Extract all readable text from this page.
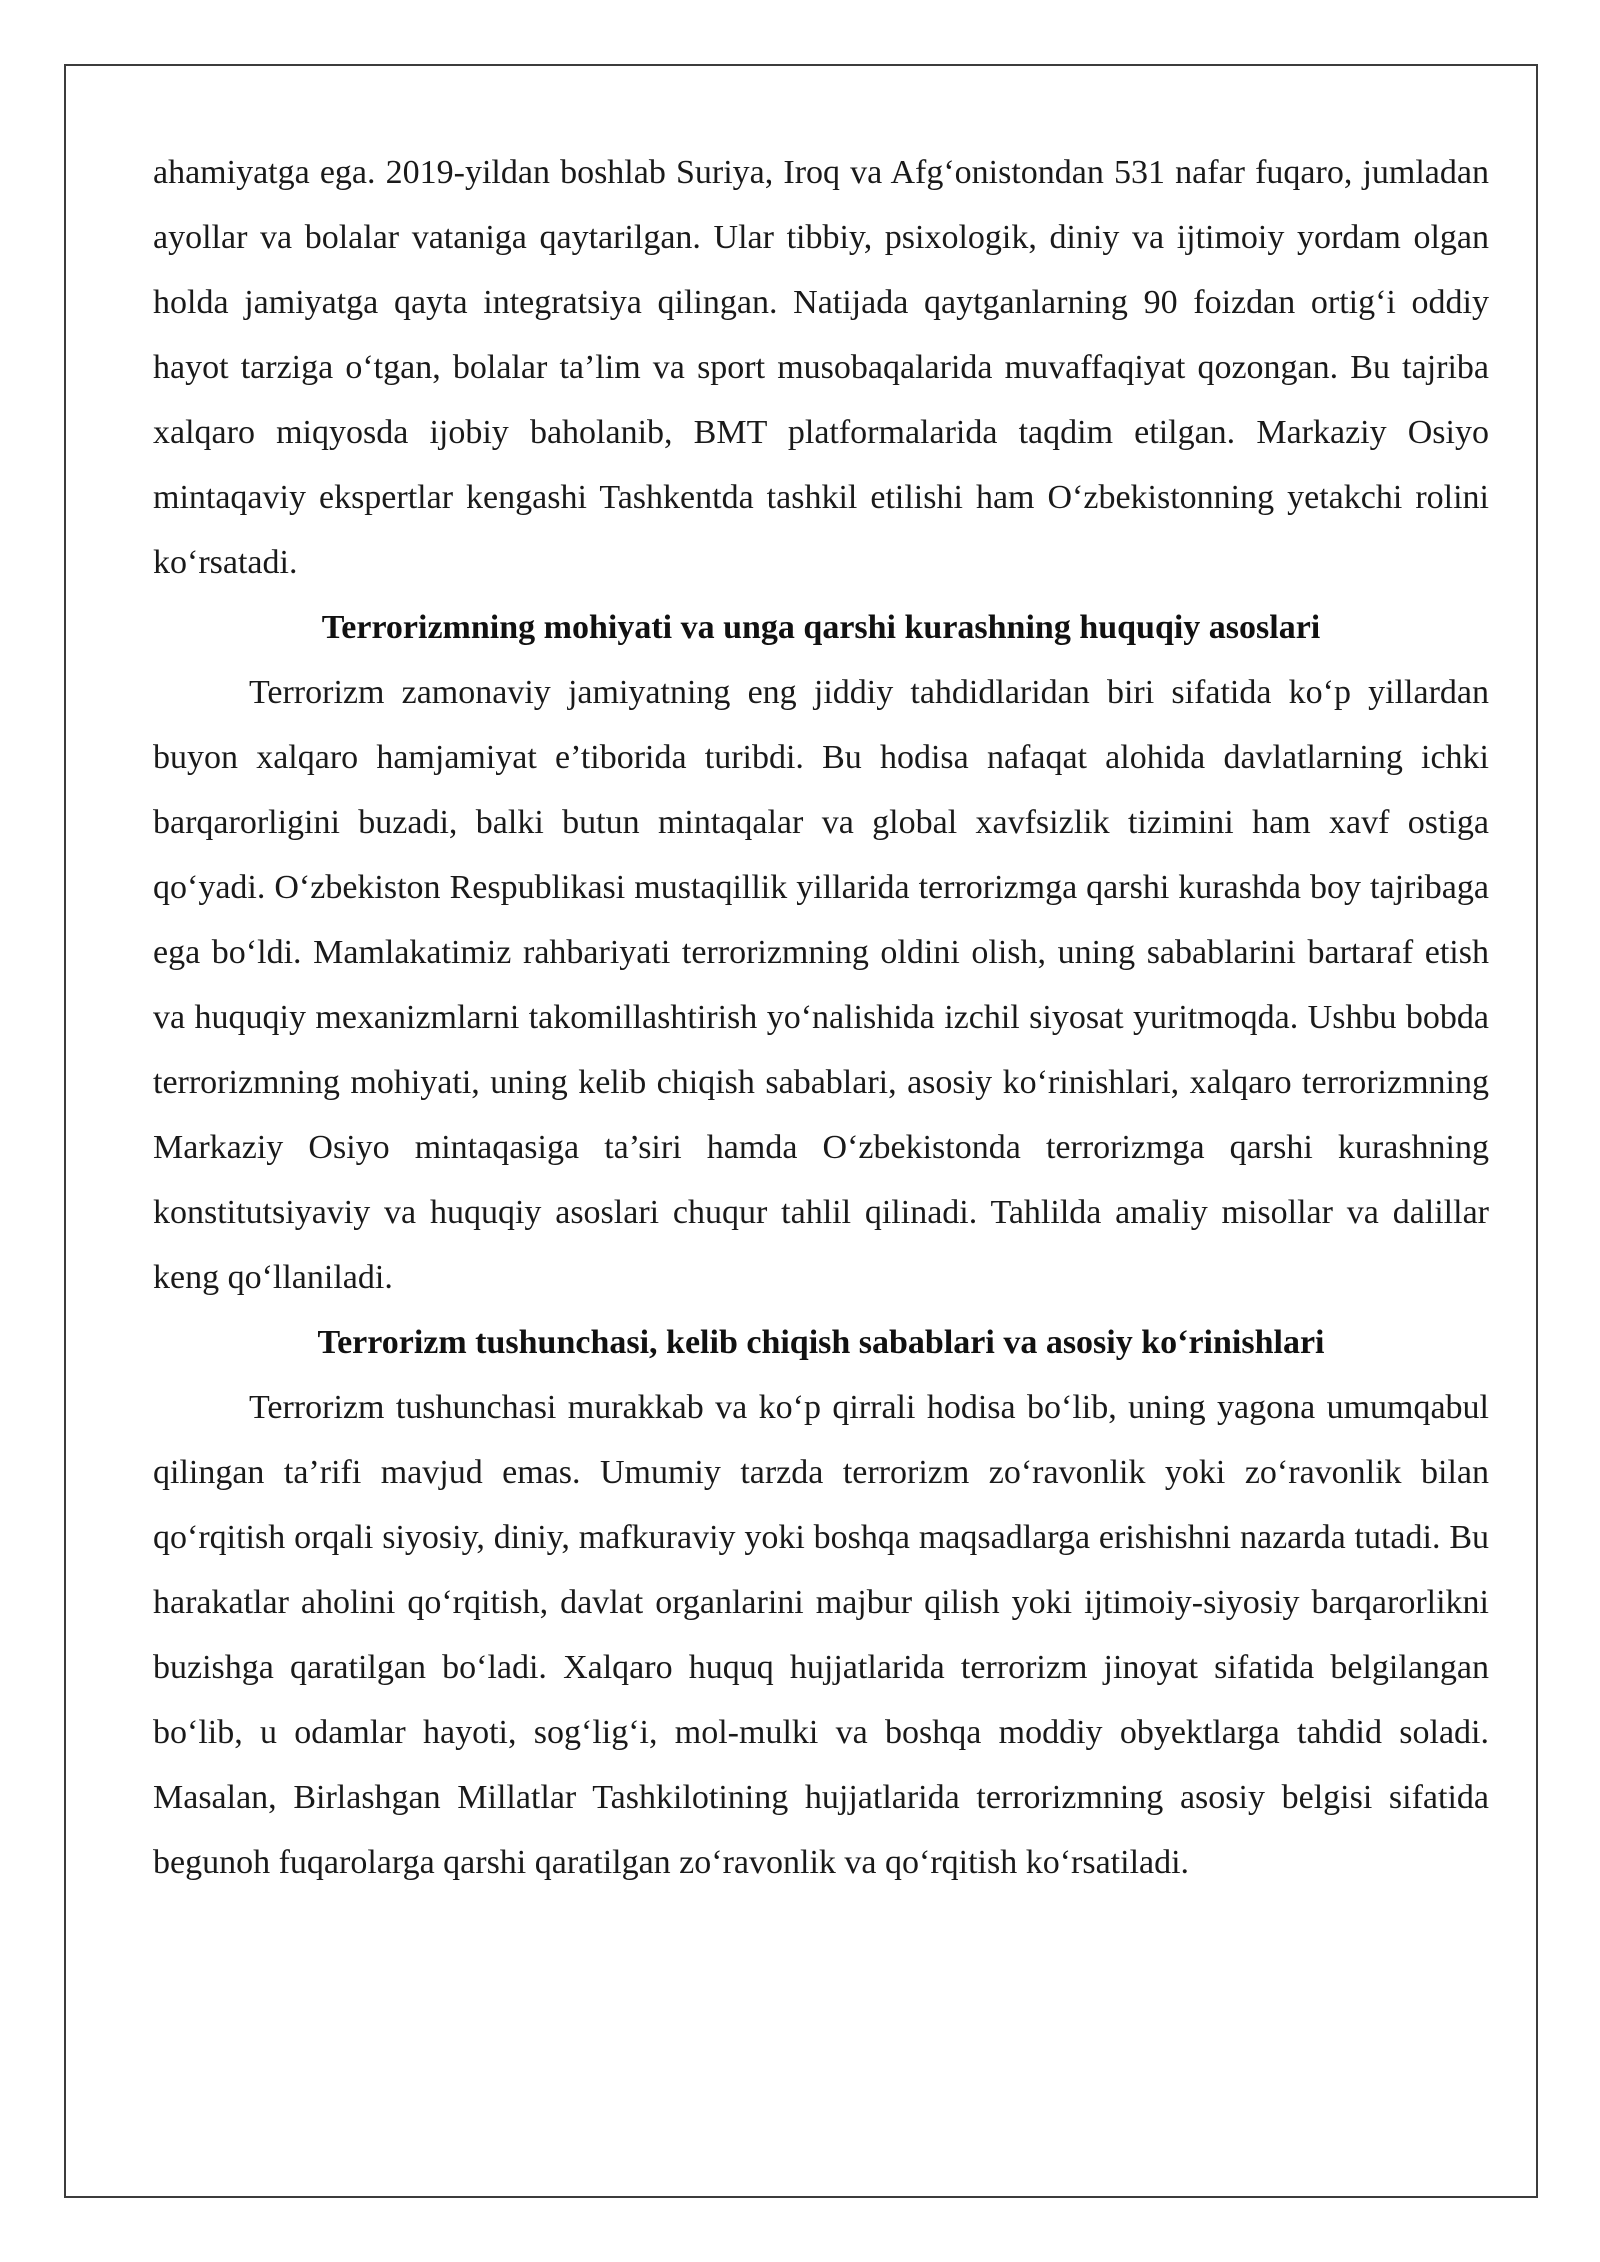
ahamiyatga ega. 2019-yildan boshlab Suriya, Iroq va Afg‘onistondan 531 nafar fuqaro, jumladan ayollar va bolalar vataniga qaytarilgan. Ular tibbiy, psixologik, diniy va ijtimoiy yordam olgan holda jamiyatga qayta integratsiya qilingan. Natijada qaytganlarning 90 foizdan ortig‘i oddiy hayot tarziga o‘tgan, bolalar ta’lim va sport musobaqalarida muvaffaqiyat qozongan. Bu tajriba xalqaro miqyosda ijobiy baholanib, BMT platformalarida taqdim etilgan. Markaziy Osiyo mintaqaviy ekspertlar kengashi Tashkentda tashkil etilishi ham O‘zbekistonning yetakchi rolini ko‘rsatadi.

Terrorizmning mohiyati va unga qarshi kurashning huquqiy asoslari

Terrorizm zamonaviy jamiyatning eng jiddiy tahdidlaridan biri sifatida ko‘p yillardan buyon xalqaro hamjamiyat e’tiborida turibdi. Bu hodisa nafaqat alohida davlatlarning ichki barqarorligini buzadi, balki butun mintaqalar va global xavfsizlik tizimini ham xavf ostiga qo‘yadi. O‘zbekiston Respublikasi mustaqillik yillarida terrorizmga qarshi kurashda boy tajribaga ega bo‘ldi. Mamlakatimiz rahbariyati terrorizmning oldini olish, uning sabablarini bartaraf etish va huquqiy mexanizmlarni takomillashtirish yo‘nalishida izchil siyosat yuritmoqda. Ushbu bobda terrorizmning mohiyati, uning kelib chiqish sabablari, asosiy ko‘rinishlari, xalqaro terrorizmning Markaziy Osiyo mintaqasiga ta’siri hamda O‘zbekistonda terrorizmga qarshi kurashning konstitutsiyaviy va huquqiy asoslari chuqur tahlil qilinadi. Tahlilda amaliy misollar va dalillar keng qo‘llaniladi.

Terrorizm tushunchasi, kelib chiqish sabablari va asosiy ko‘rinishlari

Terrorizm tushunchasi murakkab va ko‘p qirrali hodisa bo‘lib, uning yagona umumqabul qilingan ta’rifi mavjud emas. Umumiy tarzda terrorizm zo‘ravonlik yoki zo‘ravonlik bilan qo‘rqitish orqali siyosiy, diniy, mafkuraviy yoki boshqa maqsadlarga erishishni nazarda tutadi. Bu harakatlar aholini qo‘rqitish, davlat organlarini majbur qilish yoki ijtimoiy-siyosiy barqarorlikni buzishga qaratilgan bo‘ladi. Xalqaro huquq hujjatlarida terrorizm jinoyat sifatida belgilangan bo‘lib, u odamlar hayoti, sog‘lig‘i, mol-mulki va boshqa moddiy obyektlarga tahdid soladi. Masalan, Birlashgan Millatlar Tashkilotining hujjatlarida terrorizmning asosiy belgisi sifatida begunoh fuqarolarga qarshi qaratilgan zo‘ravonlik va qo‘rqitish ko‘rsatiladi.
